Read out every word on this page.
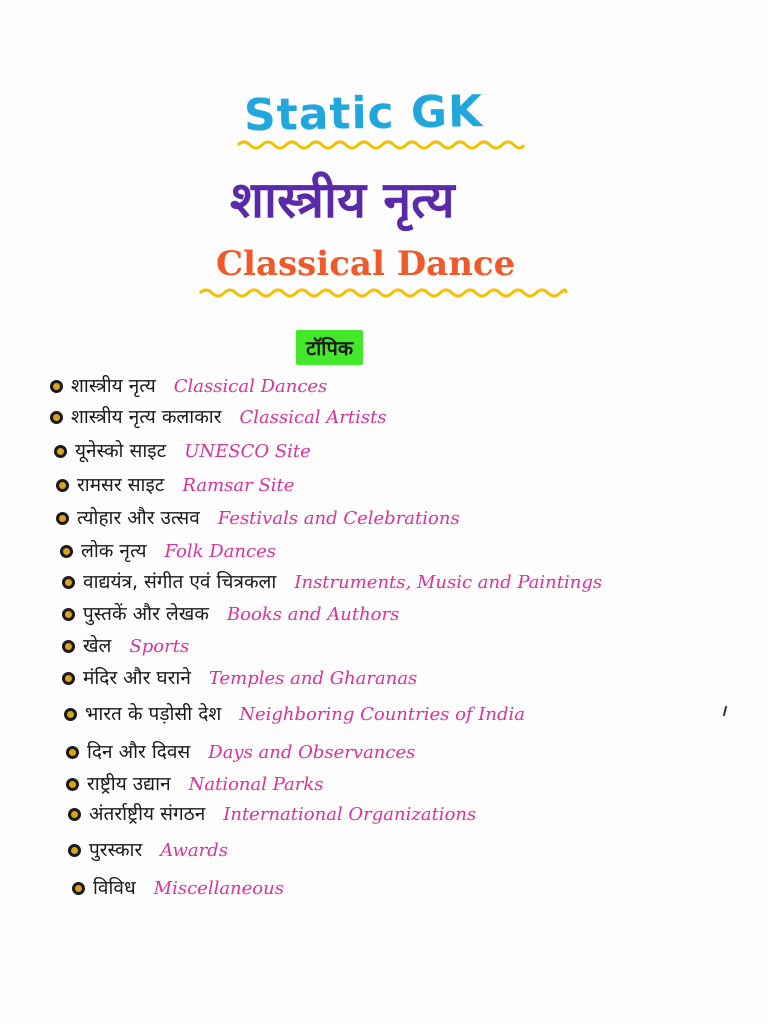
Static GK
शास्त्रीय नृत्य
Classical Dance
टॉपिक
शास्त्रीय नृत्य Classical Dances
शास्त्रीय नृत्य कलाकार Classical Artists
यूनेस्को साइट UNESCO Site
रामसर साइट Ramsar Site
त्योहार और उत्सव Festivals and Celebrations
लोक नृत्य Folk Dances
वाद्ययंत्र, संगीत एवं चित्रकला Instruments, Music and Paintings
पुस्तकें और लेखक Books and Authors
खेल Sports
मंदिर और घराने Temples and Gharanas
भारत के पड़ोसी देश Neighboring Countries of India
दिन और दिवस Days and Observances
राष्ट्रीय उद्यान National Parks
अंतर्राष्ट्रीय संगठन International Organizations
पुरस्कार Awards
विविध Miscellaneous
